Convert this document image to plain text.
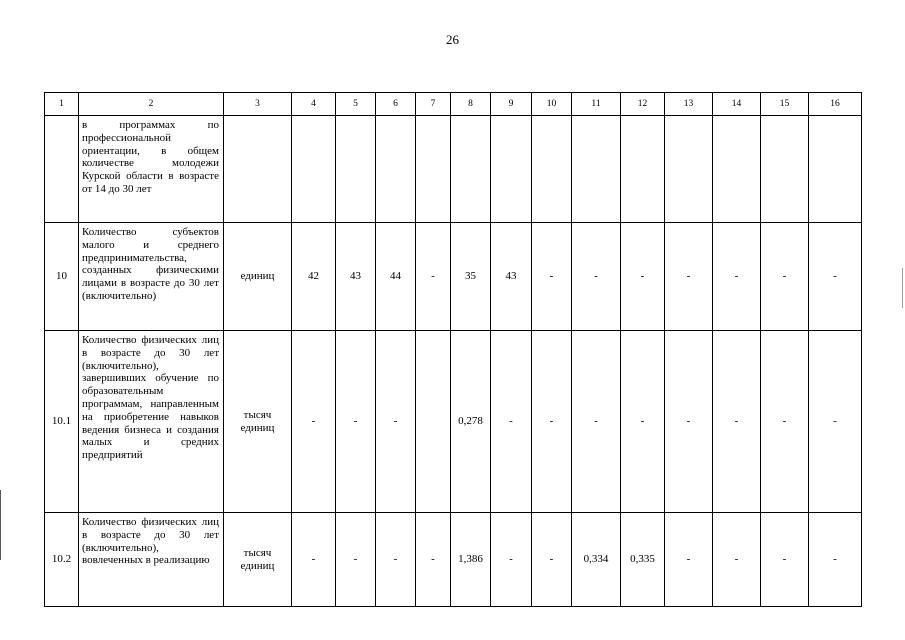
26
1	2	3	4	5	6	7	8	9	10	11	12	13	14	15	16
	в программах по профессиональной ориентации, в общем количестве молодежи Курской области в возрасте от 14 до 30 лет														
10	Количество субъектов малого и среднего предпринимательства, созданных физическими лицами в возрасте до 30 лет (включительно)	единиц	42	43	44	-	35	43	-	-	-	-	-	-	-
10.1	Количество физических лиц в возрасте до 30 лет (включительно), завершивших обучение по образовательным программам, направленным на приобретение навыков ведения бизнеса и создания малых и средних предприятий	тысяч единиц	-	-	-		0,278	-	-	-	-	-	-	-	-
10.2	Количество физических лиц в возрасте до 30 лет (включительно), вовлеченных в реализацию	тысяч единиц	-	-	-	-	1,386	-	-	0,334	0,335	-	-	-	-
